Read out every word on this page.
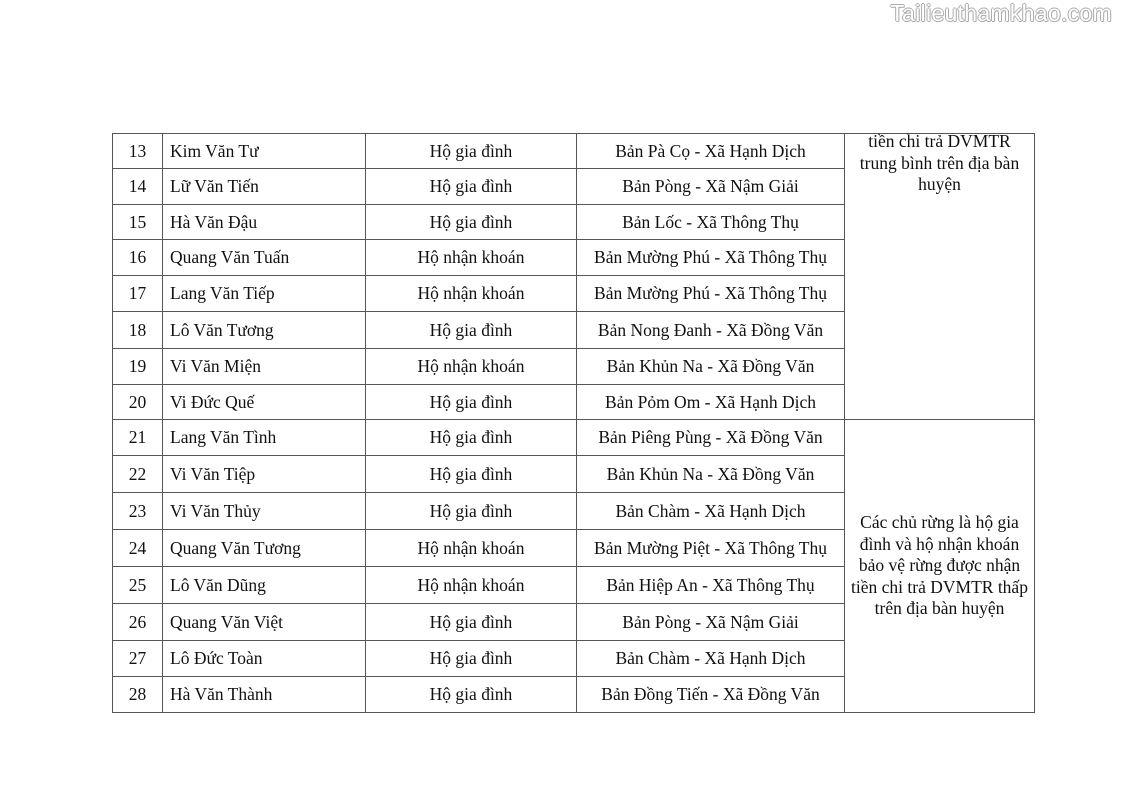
Tailieuthamkhao.com
13	Kim Văn Tư	Hộ gia đình	Bản Pà Cọ - Xã Hạnh Dịch	tiền chi trả DVMTR trung bình trên địa bàn huyện

14	Lữ Văn Tiến	Hộ gia đình	Bản Pòng - Xã Nậm Giải	
15	Hà Văn Đậu	Hộ gia đình	Bản Lốc - Xã Thông Thụ	
16	Quang Văn Tuấn	Hộ nhận khoán	Bản Mường Phú - Xã Thông Thụ	
17	Lang Văn Tiếp	Hộ nhận khoán	Bản Mường Phú - Xã Thông Thụ	
18	Lô Văn Tương	Hộ gia đình	Bản Nong Đanh - Xã Đồng Văn	
19	Vi Văn Miện	Hộ nhận khoán	Bản Khủn Na - Xã Đồng Văn	
20	Vi Đức Quế	Hộ gia đình	Bản Pỏm Om - Xã Hạnh Dịch	
21	Lang Văn Tình	Hộ gia đình	Bản Piêng Pùng - Xã Đồng Văn	Các chủ rừng là hộ gia đình và hộ nhận khoán bảo vệ rừng được nhận tiền chi trả DVMTR thấp trên địa bàn huyện
22	Vi Văn Tiệp	Hộ gia đình	Bản Khủn Na - Xã Đồng Văn	
23	Vi Văn Thủy	Hộ gia đình	Bản Chàm - Xã Hạnh Dịch	
24	Quang Văn Tương	Hộ nhận khoán	Bản Mường Piệt - Xã Thông Thụ	
25	Lô Văn Dũng	Hộ nhận khoán	Bản Hiệp An - Xã Thông Thụ	
26	Quang Văn Việt	Hộ gia đình	Bản Pòng - Xã Nậm Giải	
27	Lô Đức Toàn	Hộ gia đình	Bản Chàm - Xã Hạnh Dịch	
28	Hà Văn Thành	Hộ gia đình	Bản Đồng Tiến - Xã Đồng Văn	
